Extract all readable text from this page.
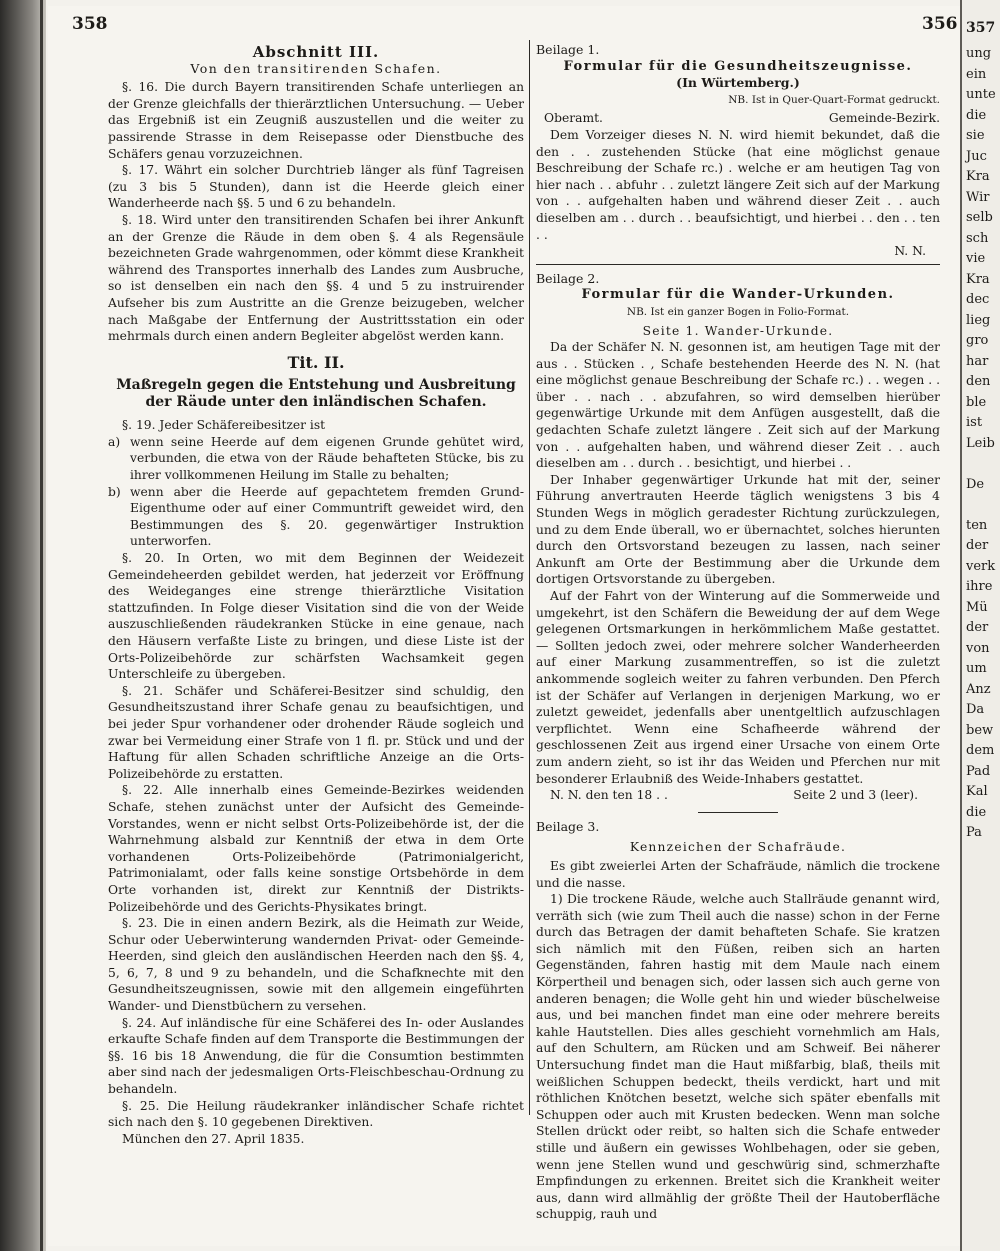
358	356

Abschnitt III.

Von den transitirenden Schafen.

§. 16. Die durch Bayern transitirenden Schafe unterliegen an der Grenze gleichfalls der thierärztlichen Untersuchung. — Ueber das Ergebniß ist ein Zeugniß auszustellen und die weiter zu passirende Strasse in dem Reisepasse oder Dienstbuche des Schäfers genau vorzuzeichnen.

§. 17. Währt ein solcher Durchtrieb länger als fünf Tagreisen (zu 3 bis 5 Stunden), dann ist die Heerde gleich einer Wanderheerde nach §§. 5 und 6 zu behandeln.

§. 18. Wird unter den transitirenden Schafen bei ihrer Ankunft an der Grenze die Räude in dem oben §. 4 als Regensäule bezeichneten Grade wahrgenommen, oder kömmt diese Krankheit während des Transportes innerhalb des Landes zum Ausbruche, so ist denselben ein nach den §§. 4 und 5 zu instruirender Aufseher bis zum Austritte an die Grenze beizugeben, welcher nach Maßgabe der Entfernung der Austrittsstation ein oder mehrmals durch einen andern Begleiter abgelöst werden kann.

Tit. II.

Maßregeln gegen die Entstehung und Ausbreitung der Räude unter den inländischen Schafen.

§. 19. Jeder Schäfereibesitzer ist

a) wenn seine Heerde auf dem eigenen Grunde gehütet wird, verbunden, die etwa von der Räude behafteten Stücke, bis zu ihrer vollkommenen Heilung im Stalle zu behalten;
b) wenn aber die Heerde auf gepachtetem fremden Grund-Eigenthume oder auf einer Communtrift geweidet wird, den Bestimmungen des §. 20. gegenwärtiger Instruktion unterworfen.

§. 20. In Orten, wo mit dem Beginnen der Weidezeit Gemeindeheerden gebildet werden, hat jederzeit vor Eröffnung des Weideganges eine strenge thierärztliche Visitation stattzufinden. In Folge dieser Visitation sind die von der Weide auszuschließenden räudekranken Stücke in eine genaue, nach den Häusern verfaßte Liste zu bringen, und diese Liste ist der Orts-Polizeibehörde zur schärfsten Wachsamkeit gegen Unterschleife zu übergeben.

§. 21. Schäfer und Schäferei-Besitzer sind schuldig, den Gesundheitszustand ihrer Schafe genau zu beaufsichtigen, und bei jeder Spur vorhandener oder drohender Räude sogleich und zwar bei Vermeidung einer Strafe von 1 fl. pr. Stück und und der Haftung für allen Schaden schriftliche Anzeige an die Orts-Polizeibehörde zu erstatten.

§. 22. Alle innerhalb eines Gemeinde-Bezirkes weidenden Schafe, stehen zunächst unter der Aufsicht des Gemeinde-Vorstandes, wenn er nicht selbst Orts-Polizeibehörde ist, der die Wahrnehmung alsbald zur Kenntniß der etwa in dem Orte vorhandenen Orts-Polizeibehörde (Patrimonialgericht, Patrimonialamt, oder falls keine sonstige Ortsbehörde in dem Orte vorhanden ist, direkt zur Kenntniß der Distrikts-Polizeibehörde und des Gerichts-Physikates bringt.

§. 23. Die in einen andern Bezirk, als die Heimath zur Weide, Schur oder Ueberwinterung wandernden Privat- oder Gemeinde-Heerden, sind gleich den ausländischen Heerden nach den §§. 4, 5, 6, 7, 8 und 9 zu behandeln, und die Schafknechte mit den Gesundheitszeugnissen, sowie mit den allgemein eingeführten Wander- und Dienstbüchern zu versehen.

§. 24. Auf inländische für eine Schäferei des In- oder Auslandes erkaufte Schafe finden auf dem Transporte die Bestimmungen der §§. 16 bis 18 Anwendung, die für die Consumtion bestimmten aber sind nach der jedesmaligen Orts-Fleischbeschau-Ordnung zu behandeln.

§. 25. Die Heilung räudekranker inländischer Schafe richtet sich nach den §. 10 gegebenen Direktiven.

München den 27. April 1835.

Beilage 1.

Formular für die Gesundheitszeugnisse.

(In Würtemberg.)

NB. Ist in Quer-Quart-Format gedruckt.

Oberamt.	Gemeinde-Bezirk.

Dem Vorzeiger dieses N. N. wird hiemit bekundet, daß die den . . zustehenden Stücke (hat eine möglichst genaue Beschreibung der Schafe rc.) . welche er am heutigen Tag von hier nach . . abfuhr . . zuletzt längere Zeit sich auf der Markung von . . aufgehalten haben und während dieser Zeit . . auch dieselben am . . durch . . beaufsichtigt, und hierbei . . den . . ten . .

N. N.

Beilage 2.

Formular für die Wander-Urkunden.

NB. Ist ein ganzer Bogen in Folio-Format.

Seite 1. Wander-Urkunde.

Da der Schäfer N. N. gesonnen ist, am heutigen Tage mit der aus . . Stücken . , Schafe bestehenden Heerde des N. N. (hat eine möglichst genaue Beschreibung der Schafe rc.) . . wegen . . über . . nach . . abzufahren, so wird demselben hierüber gegenwärtige Urkunde mit dem Anfügen ausgestellt, daß die gedachten Schafe zuletzt längere . Zeit sich auf der Markung von . . aufgehalten haben, und während dieser Zeit . . auch dieselben am . . durch . . besichtigt, und hierbei . .

Der Inhaber gegenwärtiger Urkunde hat mit der, seiner Führung anvertrauten Heerde täglich wenigstens 3 bis 4 Stunden Wegs in möglich geradester Richtung zurückzulegen, und zu dem Ende überall, wo er übernachtet, solches hierunten durch den Ortsvorstand bezeugen zu lassen, nach seiner Ankunft am Orte der Bestimmung aber die Urkunde dem dortigen Ortsvorstande zu übergeben.

Auf der Fahrt von der Winterung auf die Sommerweide und umgekehrt, ist den Schäfern die Beweidung der auf dem Wege gelegenen Ortsmarkungen in herkömmlichem Maße gestattet. — Sollten jedoch zwei, oder mehrere solcher Wanderheerden auf einer Markung zusammentreffen, so ist die zuletzt ankommende sogleich weiter zu fahren verbunden. Den Pferch ist der Schäfer auf Verlangen in derjenigen Markung, wo er zuletzt geweidet, jedenfalls aber unentgeltlich aufzuschlagen verpflichtet. Wenn eine Schafheerde während der geschlossenen Zeit aus irgend einer Ursache von einem Orte zum andern zieht, so ist ihr das Weiden und Pferchen nur mit besonderer Erlaubniß des Weide-Inhabers gestattet.

N. N. den ten 18 . .	Seite 2 und 3 (leer).

Beilage 3.

Kennzeichen der Schafräude.

Es gibt zweierlei Arten der Schafräude, nämlich die trockene und die nasse.

1) Die trockene Räude, welche auch Stallräude genannt wird, verräth sich (wie zum Theil auch die nasse) schon in der Ferne durch das Betragen der damit behafteten Schafe. Sie kratzen sich nämlich mit den Füßen, reiben sich an harten Gegenständen, fahren hastig mit dem Maule nach einem Körpertheil und benagen sich, oder lassen sich auch gerne von anderen benagen; die Wolle geht hin und wieder büschelweise aus, und bei manchen findet man eine oder mehrere bereits kahle Hautstellen. Dies alles geschieht vornehmlich am Hals, auf den Schultern, am Rücken und am Schweif. Bei näherer Untersuchung findet man die Haut mißfarbig, blaß, theils mit weißlichen Schuppen bedeckt, theils verdickt, hart und mit röthlichen Knötchen besetzt, welche sich später ebenfalls mit Schuppen oder auch mit Krusten bedecken. Wenn man solche Stellen drückt oder reibt, so halten sich die Schafe entweder stille und äußern ein gewisses Wohlbehagen, oder sie geben, wenn jene Stellen wund und geschwürig sind, schmerzhafte Empfindungen zu erkennen. Breitet sich die Krankheit weiter aus, dann wird allmählig der größte Theil der Hautoberfläche schuppig, rauh und

357
ung
ein
unte
die
sie
Juc
Kra
Wir
selb
sch
vie
Kra
dec
lieg
gro
har
den
ble
ist
Leib

De

ten
der
verk
ihre
Mü
der
von
um
Anz
Da
bew
dem
Pad
Kal
die
Pa
